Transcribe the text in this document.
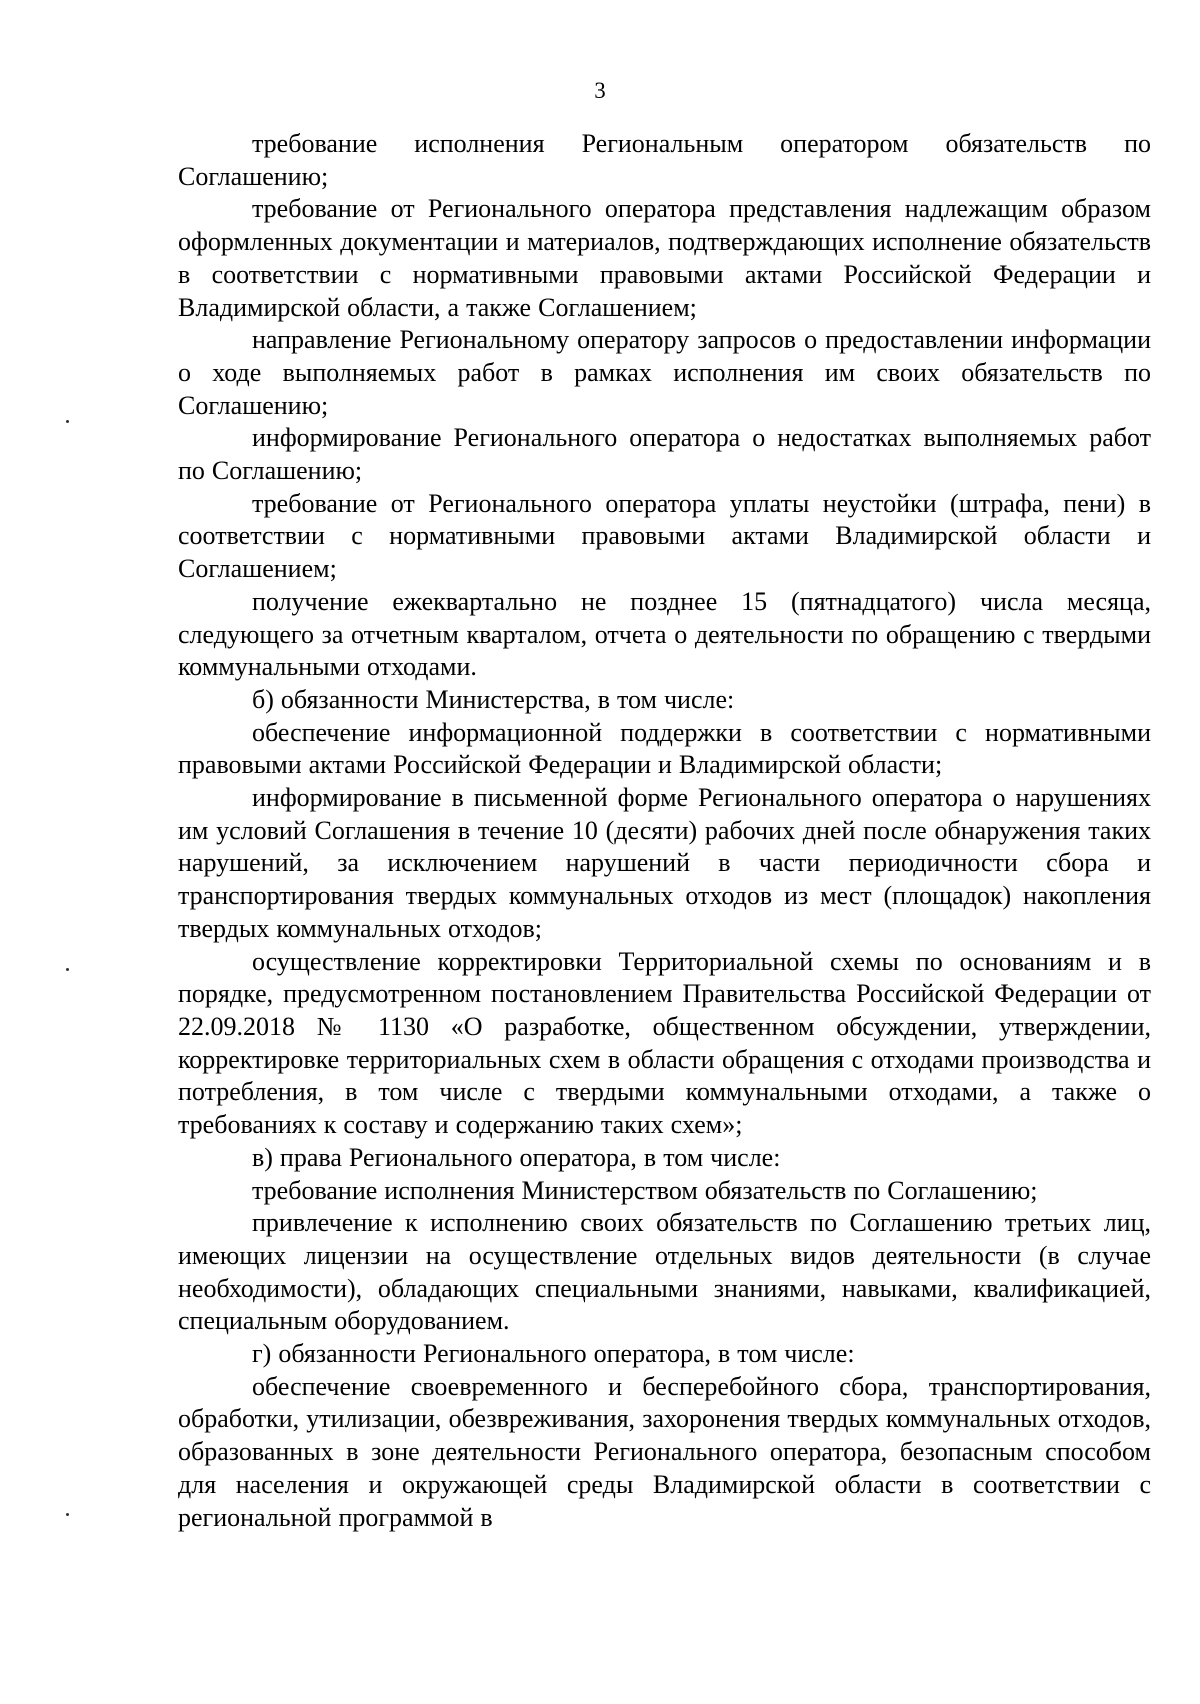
3

требование исполнения Региональным оператором обязательств по Соглашению;

требование от Регионального оператора представления надлежащим образом оформленных документации и материалов, подтверждающих исполнение обязательств в соответствии с нормативными правовыми актами Российской Федерации и Владимирской области, а также Соглашением;

направление Региональному оператору запросов о предоставлении информации о ходе выполняемых работ в рамках исполнения им своих обязательств по Соглашению;

информирование Регионального оператора о недостатках выполняемых работ по Соглашению;

требование от Регионального оператора уплаты неустойки (штрафа, пени) в соответствии с нормативными правовыми актами Владимирской области и Соглашением;

получение ежеквартально не позднее 15 (пятнадцатого) числа месяца, следующего за отчетным кварталом, отчета о деятельности по обращению с твердыми коммунальными отходами.

б) обязанности Министерства, в том числе:

обеспечение информационной поддержки в соответствии с нормативными правовыми актами Российской Федерации и Владимирской области;

информирование в письменной форме Регионального оператора о нарушениях им условий Соглашения в течение 10 (десяти) рабочих дней после обнаружения таких нарушений, за исключением нарушений в части периодичности сбора и транспортирования твердых коммунальных отходов из мест (площадок) накопления твердых коммунальных отходов;

осуществление корректировки Территориальной схемы по основаниям и в порядке, предусмотренном постановлением Правительства Российской Федерации от 22.09.2018 № 1130 «О разработке, общественном обсуждении, утверждении, корректировке территориальных схем в области обращения с отходами производства и потребления, в том числе с твердыми коммунальными отходами, а также о требованиях к составу и содержанию таких схем»;

в) права Регионального оператора, в том числе:

требование исполнения Министерством обязательств по Соглашению;

привлечение к исполнению своих обязательств по Соглашению третьих лиц, имеющих лицензии на осуществление отдельных видов деятельности (в случае необходимости), обладающих специальными знаниями, навыками, квалификацией, специальным оборудованием.

г) обязанности Регионального оператора, в том числе:

обеспечение своевременного и бесперебойного сбора, транспортирования, обработки, утилизации, обезвреживания, захоронения твердых коммунальных отходов, образованных в зоне деятельности Регионального оператора, безопасным способом для населения и окружающей среды Владимирской области в соответствии с региональной программой в
